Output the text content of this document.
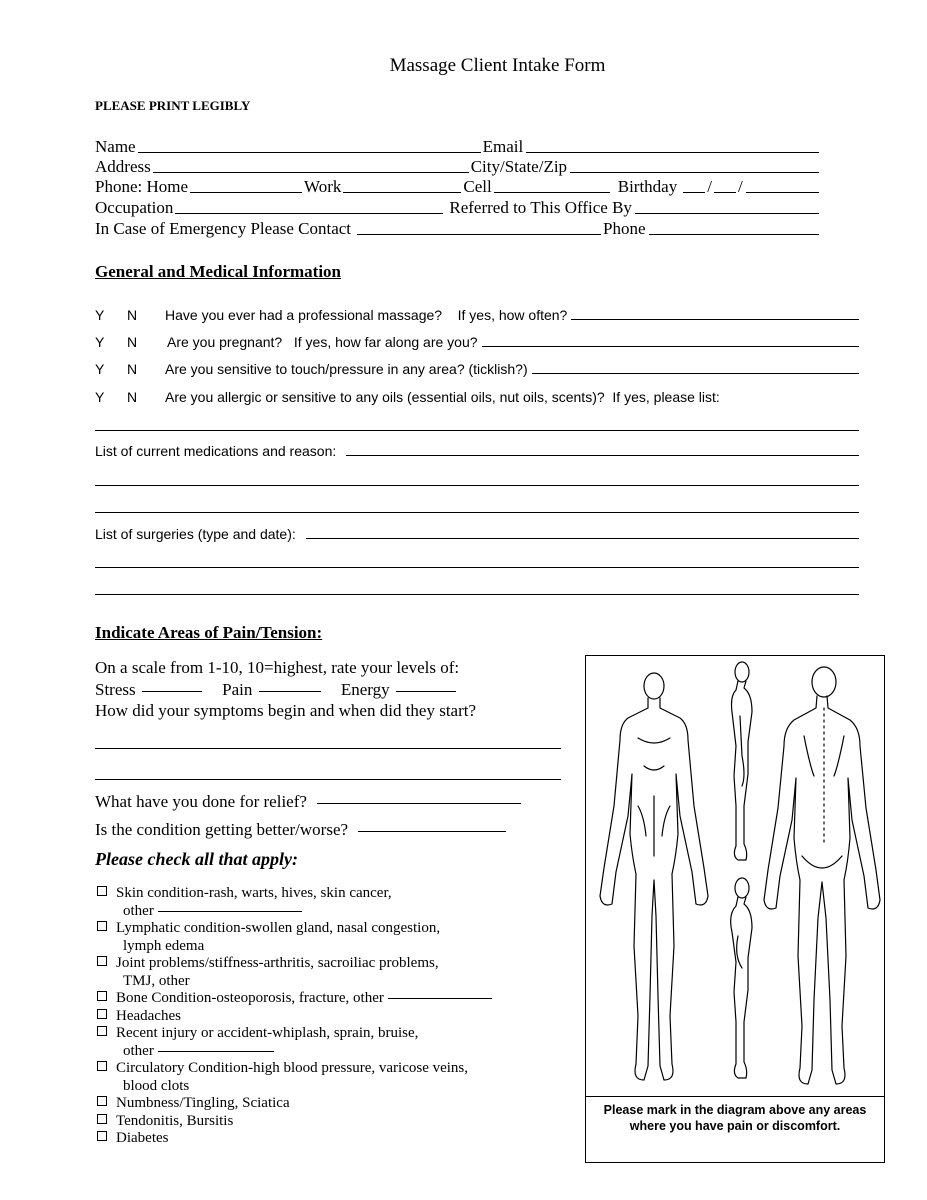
Massage Client Intake Form
PLEASE PRINT LEGIBLY
Name	Email
Address	City/State/Zip
Phone: Home	Work	Cell	Birthday / /
Occupation	Referred to This Office By
In Case of Emergency Please Contact	Phone
General and Medical Information
Y	N	Have you ever had a professional massage?    If yes, how often?
Y	N	Are you pregnant?   If yes, how far along are you?
Y	N	Are you sensitive to touch/pressure in any area? (ticklish?)
Y	N	Are you allergic or sensitive to any oils (essential oils, nut oils, scents)?  If yes, please list:
List of current medications and reason:
List of surgeries (type and date):
Indicate Areas of Pain/Tension:
On a scale from 1-10, 10=highest, rate your levels of:
Stress	Pain	Energy
How did your symptoms begin and when did they start?
What have you done for relief?
Is the condition getting better/worse?
Please check all that apply:
Skin condition-rash, warts, hives, skin cancer,
other
Lymphatic condition-swollen gland, nasal congestion,
lymph edema
Joint problems/stiffness-arthritis, sacroiliac problems,
TMJ, other
Bone Condition-osteoporosis, fracture, other
Headaches
Recent injury or accident-whiplash, sprain, bruise,
other
Circulatory Condition-high blood pressure, varicose veins,
blood clots
Numbness/Tingling, Sciatica
Tendonitis, Bursitis
Diabetes
Please mark in the diagram above any areas where you have pain or discomfort.
